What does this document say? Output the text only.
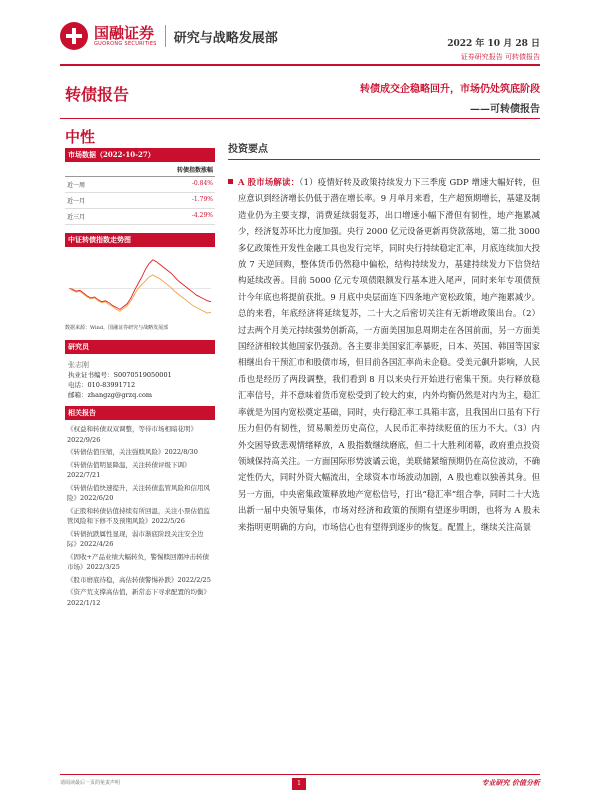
国融证券
GUORONG SECURITIES 研究与战略发展部	2022 年 10 月 28 日
证券研究报告 可转债报告
转债报告	转债成交企稳略回升，市场仍处筑底阶段
——可转债报告
中性
市场数据（2022-10-27）
转债指数涨幅
近一周	-0.84%
近一月	-1.79%
近三月	-4.29%
中证转债指数走势图
数据来源：Wind，国融证券研究与战略发展部
研究员
张志刚
执业证书编号：S0070519050001
电话：010-83991712
邮箱：zhangzg@grzq.com
相关报告
《权益和转债双双调整，等待市场相暗花明》2022/9/26
《转债估值压缩，关注强赎风险》2022/8/30
《转债估值明显降温，关注转债评级下调》2022/7/21
《转债估值快速提升，关注转债监管风险和信用风险》2022/6/20
《正股和转债估值持续有所回温，关注小票估值监管风险和下修不及预期风险》2022/5/26
《转债抗跌属性显现，弱市渐底阶段关注安全边际》2022/4/26
《固收+产品业绩大幅转负，警惕赎回潮冲击转债市场》2022/3/25
《股市磨底待稳，高估转债警惕补跌》2022/2/25
《资产荒支撑高估值，新常态下寻求配置的均衡》2022/1/12
投资要点
A 股市场解读：（1）疫情好转及政策持续发力下三季度 GDP 增速大幅好转，但应意识到经济增长仍低于潜在增长率。9 月单月来看，生产超预期增长，基建及制造业仍为主要支撑，消费延续弱复苏，出口增速小幅下滑但有韧性，地产拖累减少，经济复苏环比力度加强。央行 2000 亿元设备更新再贷款落地，第二批 3000 多亿政策性开发性金融工具也发行完毕，同时央行持续稳定汇率，月底连续加大投放 7 天逆回购，整体货币仍然稳中偏松，结构持续发力，基建持续发力下信贷结构延续改善。目前 5000 亿元专项债限额发行基本进入尾声，同时来年专项债预计今年底也将提前获批。9 月底中央层面连下四条地产宽松政策，地产拖累减少。总的来看，年底经济将延续复苏，二十大之后密切关注有无新增政策出台。（2）过去两个月美元持续强势创新高，一方面美国加息周期走在各国前面，另一方面美国经济相较其他国家仍强劲。各主要非美国家汇率暴贬，日本、英国、韩国等国家相继出台干预汇市和股债市场，但目前各国汇率尚未企稳。受美元飙升影响，人民币也是经历了两段调整，我们看到 8 月以来央行开始进行密集干预。央行释放稳汇率信号，并不意味着货币宽松受到了较大约束，内外均衡仍然是对内为主，稳汇率就是为国内宽松奠定基础，同时，央行稳汇率工具箱丰富，且我国出口虽有下行压力但仍有韧性，贸易顺差历史高位，人民币汇率持续贬值的压力不大。（3）内外交困导致悲观情绪释放，A 股指数继续磨底，但二十大胜利闭幕，政府重点投资领域保持高关注。一方面国际形势波谲云诡，美联储紧缩预期仍在高位波动，不确定性仍大，同时外资大幅流出，全球资本市场波动加剧，A 股也难以独善其身。但另一方面，中央密集政策释放地产宽松信号，打出“稳汇率”组合拳，同时二十大选出新一届中央领导集体，市场对经济和政策的预期有望逐步明朗，也将为 A 股未来指明更明确的方向，市场信心也有望得到逐步的恢复。配置上，继续关注高景
请阅读最后一页的免责声明	1	专业研究 价值分析
